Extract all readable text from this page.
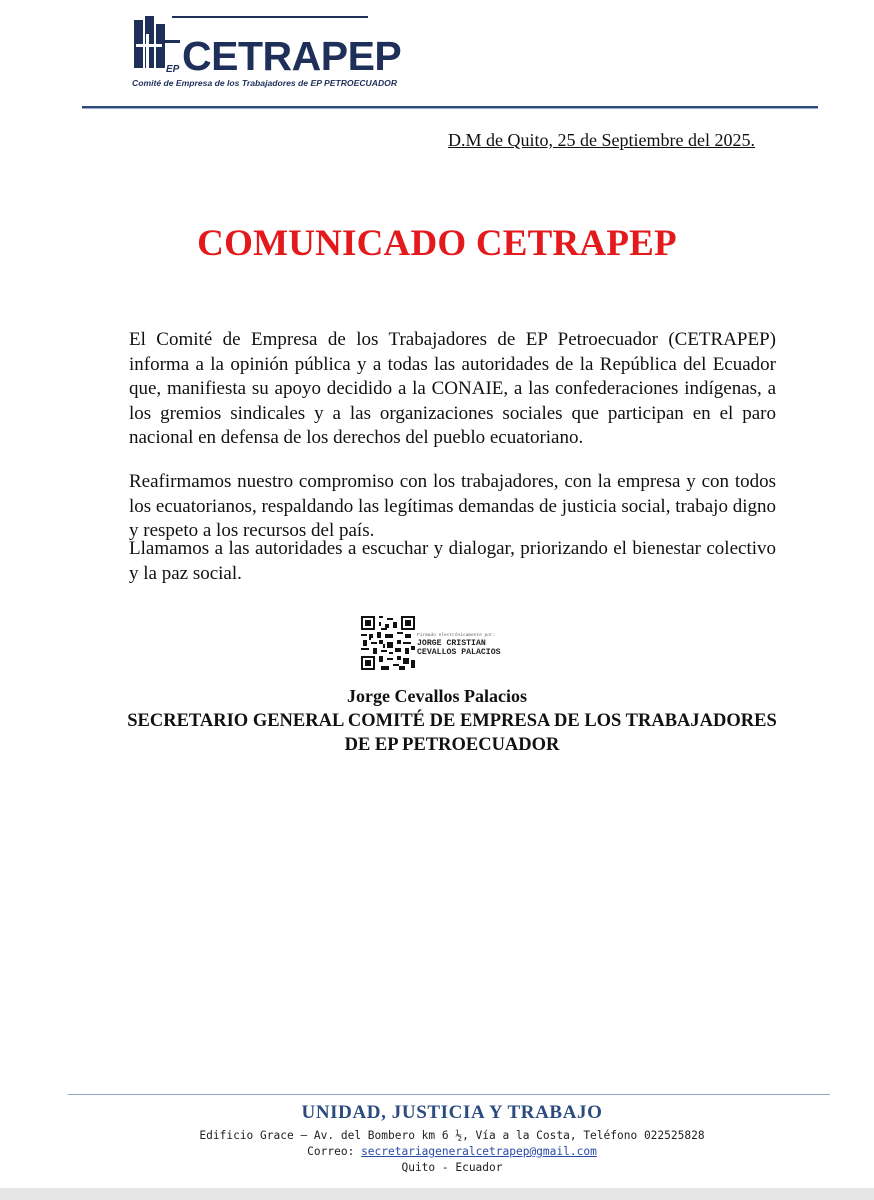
EP CETRAPEP
Comité de Empresa de los Trabajadores de EP PETROECUADOR
D.M de Quito, 25 de Septiembre del 2025.
COMUNICADO CETRAPEP

El Comité de Empresa de los Trabajadores de EP Petroecuador (CETRAPEP) informa a la opinión pública y a todas las autoridades de la República del Ecuador que, manifiesta su apoyo decidido a la CONAIE, a las confederaciones indígenas, a los gremios sindicales y a las organizaciones sociales que participan en el paro nacional en defensa de los derechos del pueblo ecuatoriano.

Reafirmamos nuestro compromiso con los trabajadores, con la empresa y con todos los ecuatorianos, respaldando las legítimas demandas de justicia social, trabajo digno y respeto a los recursos del país.

Llamamos a las autoridades a escuchar y dialogar, priorizando el bienestar colectivo y la paz social.

Firmado electrónicamente por:
JORGE CRISTIAN
CEVALLOS PALACIOS
Jorge Cevallos Palacios
SECRETARIO GENERAL COMITÉ DE EMPRESA DE LOS TRABAJADORES DE EP PETROECUADOR
UNIDAD, JUSTICIA Y TRABAJO
Edificio Grace – Av. del Bombero km 6 ½, Vía a la Costa, Teléfono 022525828
Correo: secretariageneralcetrapep@gmail.com
Quito - Ecuador
